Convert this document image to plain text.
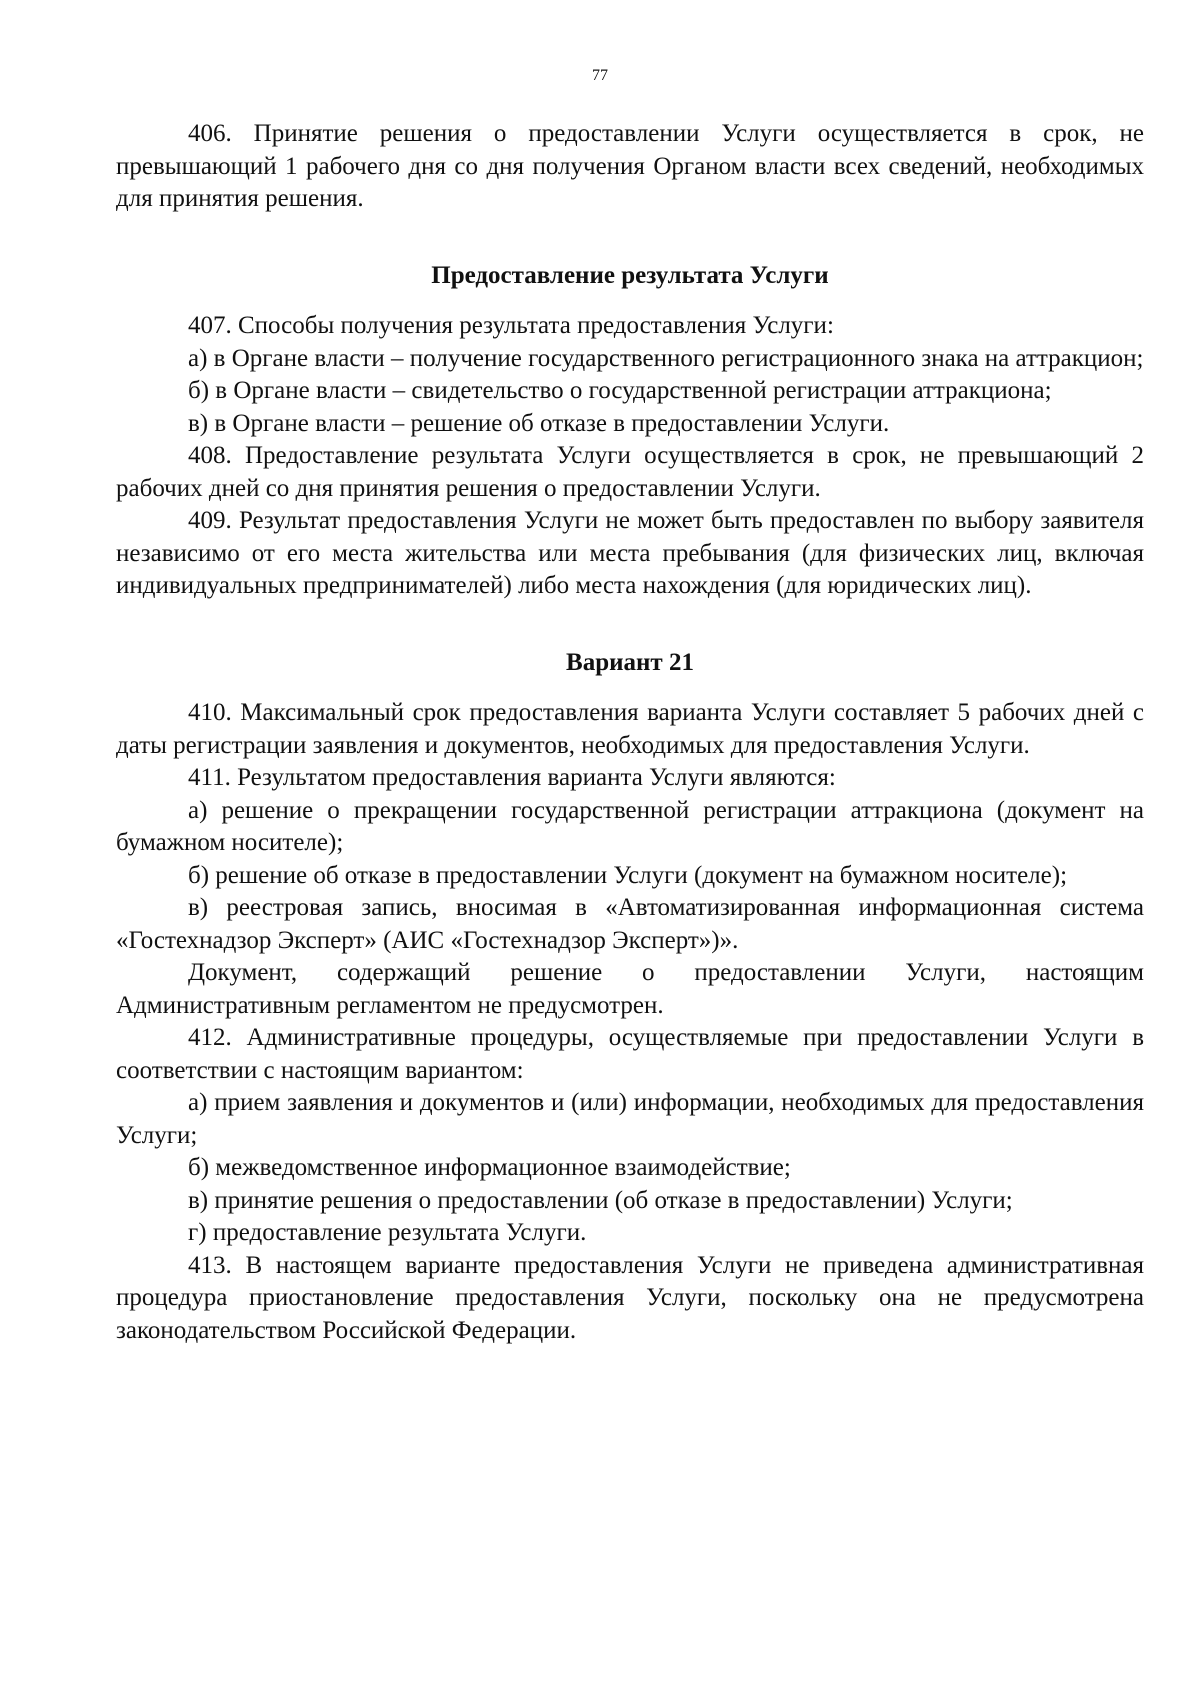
77

406. Принятие решения о предоставлении Услуги осуществляется в срок, не превышающий 1 рабочего дня со дня получения Органом власти всех сведений, необходимых для принятия решения.

Предоставление результата Услуги

407. Способы получения результата предоставления Услуги:

а) в Органе власти – получение государственного регистрационного знака на аттракцион;

б) в Органе власти – свидетельство о государственной регистрации аттракциона;

в) в Органе власти – решение об отказе в предоставлении Услуги.

408. Предоставление результата Услуги осуществляется в срок, не превышающий 2 рабочих дней со дня принятия решения о предоставлении Услуги.

409. Результат предоставления Услуги не может быть предоставлен по выбору заявителя независимо от его места жительства или места пребывания (для физических лиц, включая индивидуальных предпринимателей) либо места нахождения (для юридических лиц).

Вариант 21

410. Максимальный срок предоставления варианта Услуги составляет 5 рабочих дней с даты регистрации заявления и документов, необходимых для предоставления Услуги.

411. Результатом предоставления варианта Услуги являются:

а) решение о прекращении государственной регистрации аттракциона (документ на бумажном носителе);

б) решение об отказе в предоставлении Услуги (документ на бумажном носителе);

в) реестровая запись, вносимая в «Автоматизированная информационная система «Гостехнадзор Эксперт» (АИС «Гостехнадзор Эксперт»)».

Документ, содержащий решение о предоставлении Услуги, настоящим Административным регламентом не предусмотрен.

412. Административные процедуры, осуществляемые при предоставлении Услуги в соответствии с настоящим вариантом:

а) прием заявления и документов и (или) информации, необходимых для предоставления Услуги;

б) межведомственное информационное взаимодействие;

в) принятие решения о предоставлении (об отказе в предоставлении) Услуги;

г) предоставление результата Услуги.

413. В настоящем варианте предоставления Услуги не приведена административная процедура приостановление предоставления Услуги, поскольку она не предусмотрена законодательством Российской Федерации.
